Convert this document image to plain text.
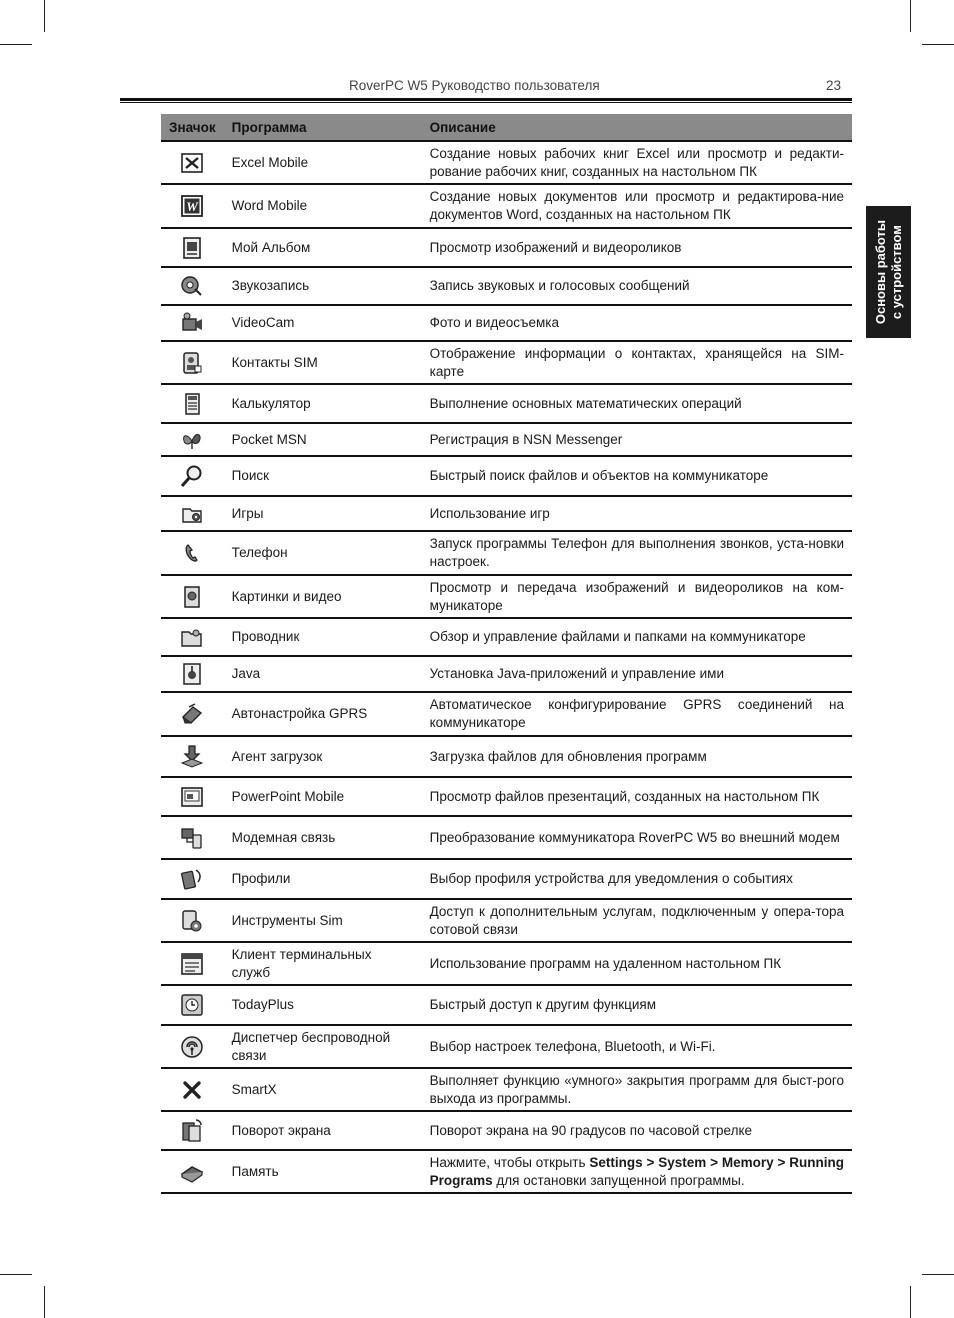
RoverPC W5 Руководство пользователя	23
Основы работы
с устройством
Значок	Программа	Описание

	Excel Mobile	Создание новых рабочих книг Excel или просмотр и редакти-рование рабочих книг, созданных на настольном ПК

W	Word Mobile	Создание новых документов или просмотр и редактирова-ние документов Word, созданных на настольном ПК

	Мой Альбом	Просмотр изображений и видеороликов

	Звукозапись	Запись звуковых и голосовых сообщений

	VideoCam	Фото и видеосъемка

	Контакты SIM	Отображение информации о контактах, хранящейся на SIM-карте

	Калькулятор	Выполнение основных математических операций

	Pocket MSN	Регистрация в NSN Messenger

	Поиск	Быстрый поиск файлов и объектов на коммуникаторе

	Игры	Использование игр

	Телефон	Запуск программы Телефон для выполнения звонков, уста-новки настроек.

	Картинки и видео	Просмотр и передача изображений и видеороликов на ком-муникаторе

	Проводник	Обзор и управление файлами и папками на коммуникаторе

	Java	Установка Java-приложений и управление ими

	Автонастройка GPRS	Автоматическое конфигурирование GPRS соединений на коммуникаторе

	Агент загрузок	Загрузка файлов для обновления программ

	PowerPoint Mobile	Просмотр файлов презентаций, созданных на настольном ПК

	Модемная связь	Преобразование коммуникатора RoverPC W5 во внешний модем

	Профили	Выбор профиля устройства для уведомления о событиях

	Инструменты Sim	Доступ к дополнительным услугам, подключенным у опера-тора сотовой связи

	Клиент терминальных служб	Использование программ на удаленном настольном ПК

	TodayPlus	Быстрый доступ к другим функциям

	Диспетчер беспроводной связи	Выбор настроек телефона, Bluetooth, и Wi-Fi.

	SmartX	Выполняет функцию «умного» закрытия программ для быст-рого выхода из программы.

	Поворот экрана	Поворот экрана на 90 градусов по часовой стрелке

	Память	Нажмите, чтобы открыть Settings > System > Memory > Running Programs для остановки запущенной программы.
